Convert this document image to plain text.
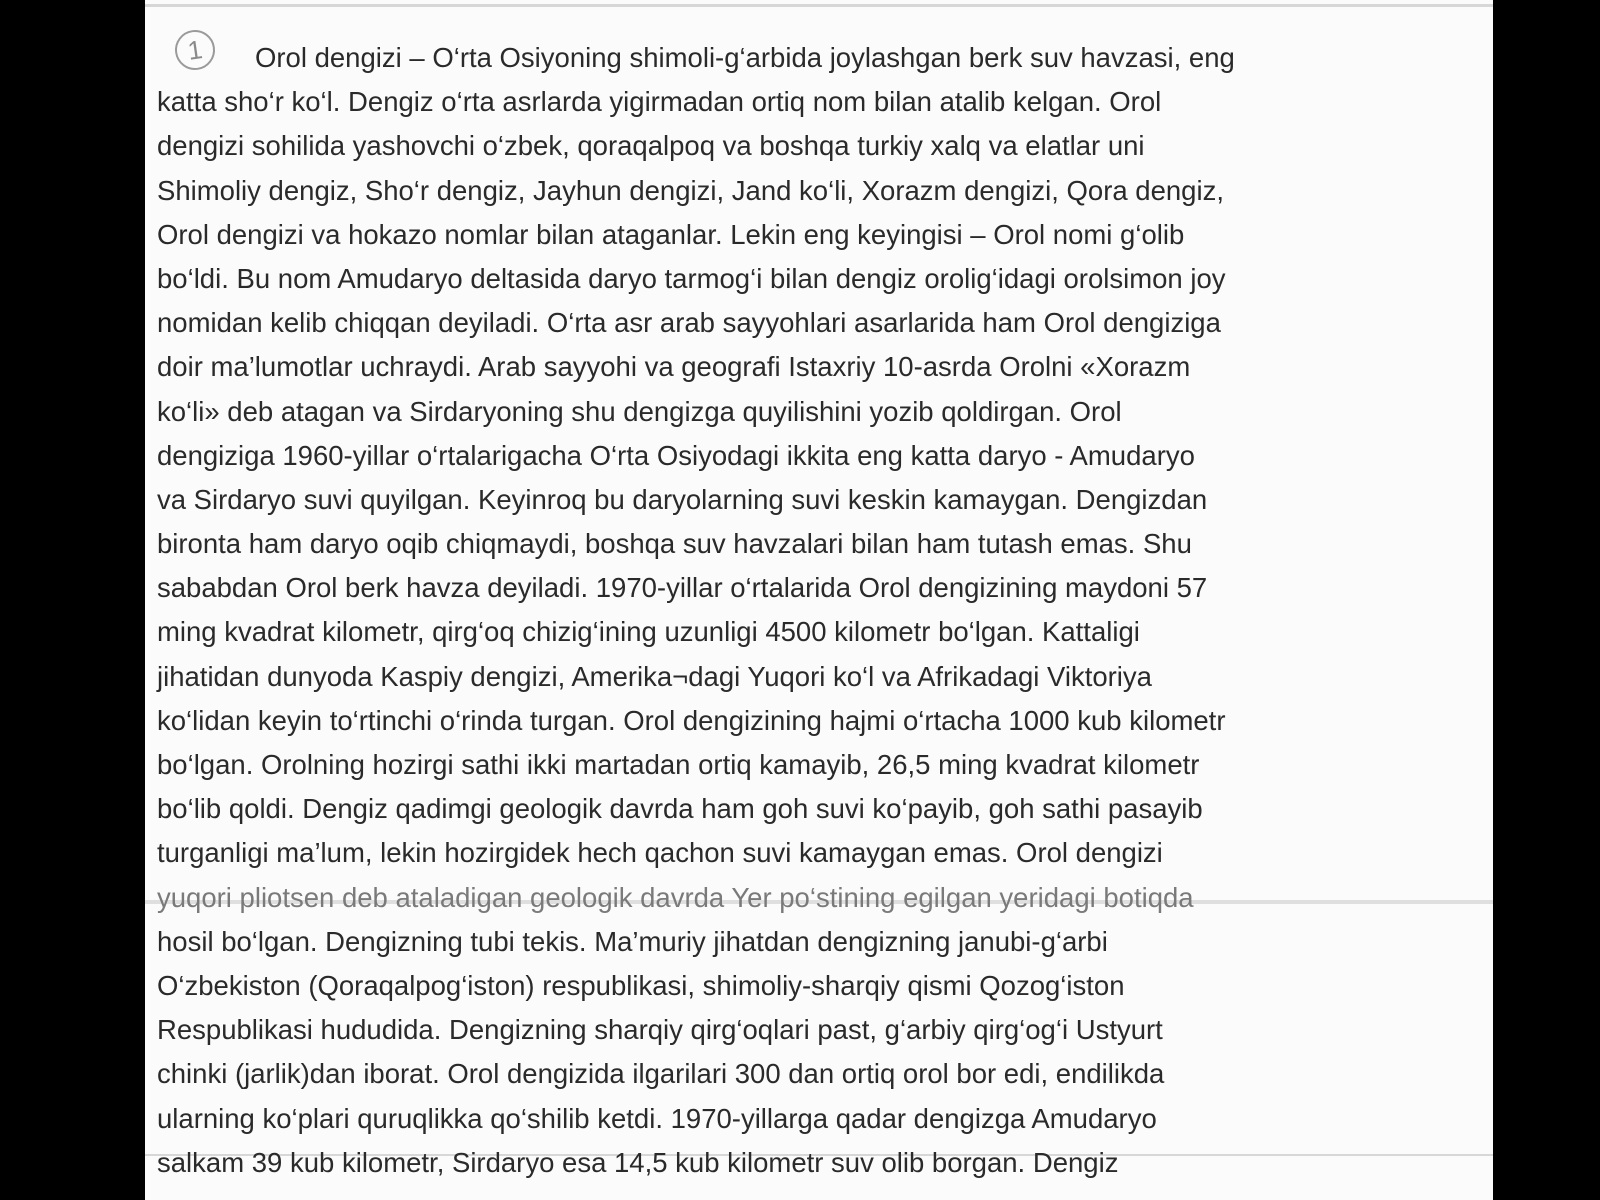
1	Orol dengizi – O‘rta Osiyoning shimoli-g‘arbida joylashgan berk suv havzasi, eng
katta sho‘r ko‘l. Dengiz o‘rta asrlarda yigirmadan ortiq nom bilan atalib kelgan. Orol
dengizi sohilida yashovchi o‘zbek, qoraqalpoq va boshqa turkiy xalq va elatlar uni
Shimoliy dengiz, Sho‘r dengiz, Jayhun dengizi, Jand ko‘li, Xorazm dengizi, Qora dengiz,
Orol dengizi va hokazo nomlar bilan ataganlar. Lekin eng keyingisi – Orol nomi g‘olib
bo‘ldi. Bu nom Amudaryo deltasida daryo tarmog‘i bilan dengiz orolig‘idagi orolsimon joy
nomidan kelib chiqqan deyiladi. O‘rta asr arab sayyohlari asarlarida ham Orol dengiziga
doir ma’lumotlar uchraydi. Arab sayyohi va geografi Istaxriy 10-asrda Orolni «Xorazm
ko‘li» deb atagan va Sirdaryoning shu dengizga quyilishini yozib qoldirgan. Orol
dengiziga 1960-yillar o‘rtalarigacha O‘rta Osiyodagi ikkita eng katta daryo - Amudaryo
va Sirdaryo suvi quyilgan. Keyinroq bu daryolarning suvi keskin kamaygan. Dengizdan
bironta ham daryo oqib chiqmaydi, boshqa suv havzalari bilan ham tutash emas. Shu
sababdan Orol berk havza deyiladi. 1970-yillar o‘rtalarida Orol dengizining maydoni 57
ming kvadrat kilometr, qirg‘oq chizig‘ining uzunligi 4500 kilometr bo‘lgan. Kattaligi
jihatidan dunyoda Kaspiy dengizi, Amerika¬dagi Yuqori ko‘l va Afrikadagi Viktoriya
ko‘lidan keyin to‘rtinchi o‘rinda turgan. Orol dengizining hajmi o‘rtacha 1000 kub kilometr
bo‘lgan. Orolning hozirgi sathi ikki martadan ortiq kamayib, 26,5 ming kvadrat kilometr
bo‘lib qoldi. Dengiz qadimgi geologik davrda ham goh suvi ko‘payib, goh sathi pasayib
turganligi ma’lum, lekin hozirgidek hech qachon suvi kamaygan emas. Orol dengizi
yuqori pliotsen deb ataladigan geologik davrda Yer po‘stining egilgan yeridagi botiqda
hosil bo‘lgan. Dengizning tubi tekis. Ma’muriy jihatdan dengizning janubi-g‘arbi
O‘zbekiston (Qoraqalpog‘iston) respublikasi, shimoliy-sharqiy qismi Qozog‘iston
Respublikasi hududida. Dengizning sharqiy qirg‘oqlari past, g‘arbiy qirg‘og‘i Ustyurt
chinki (jarlik)dan iborat. Orol dengizida ilgarilari 300 dan ortiq orol bor edi, endilikda
ularning ko‘plari quruqlikka qo‘shilib ketdi. 1970-yillarga qadar dengizga Amudaryo
salkam 39 kub kilometr, Sirdaryo esa 14,5 kub kilometr suv olib borgan. Dengiz
